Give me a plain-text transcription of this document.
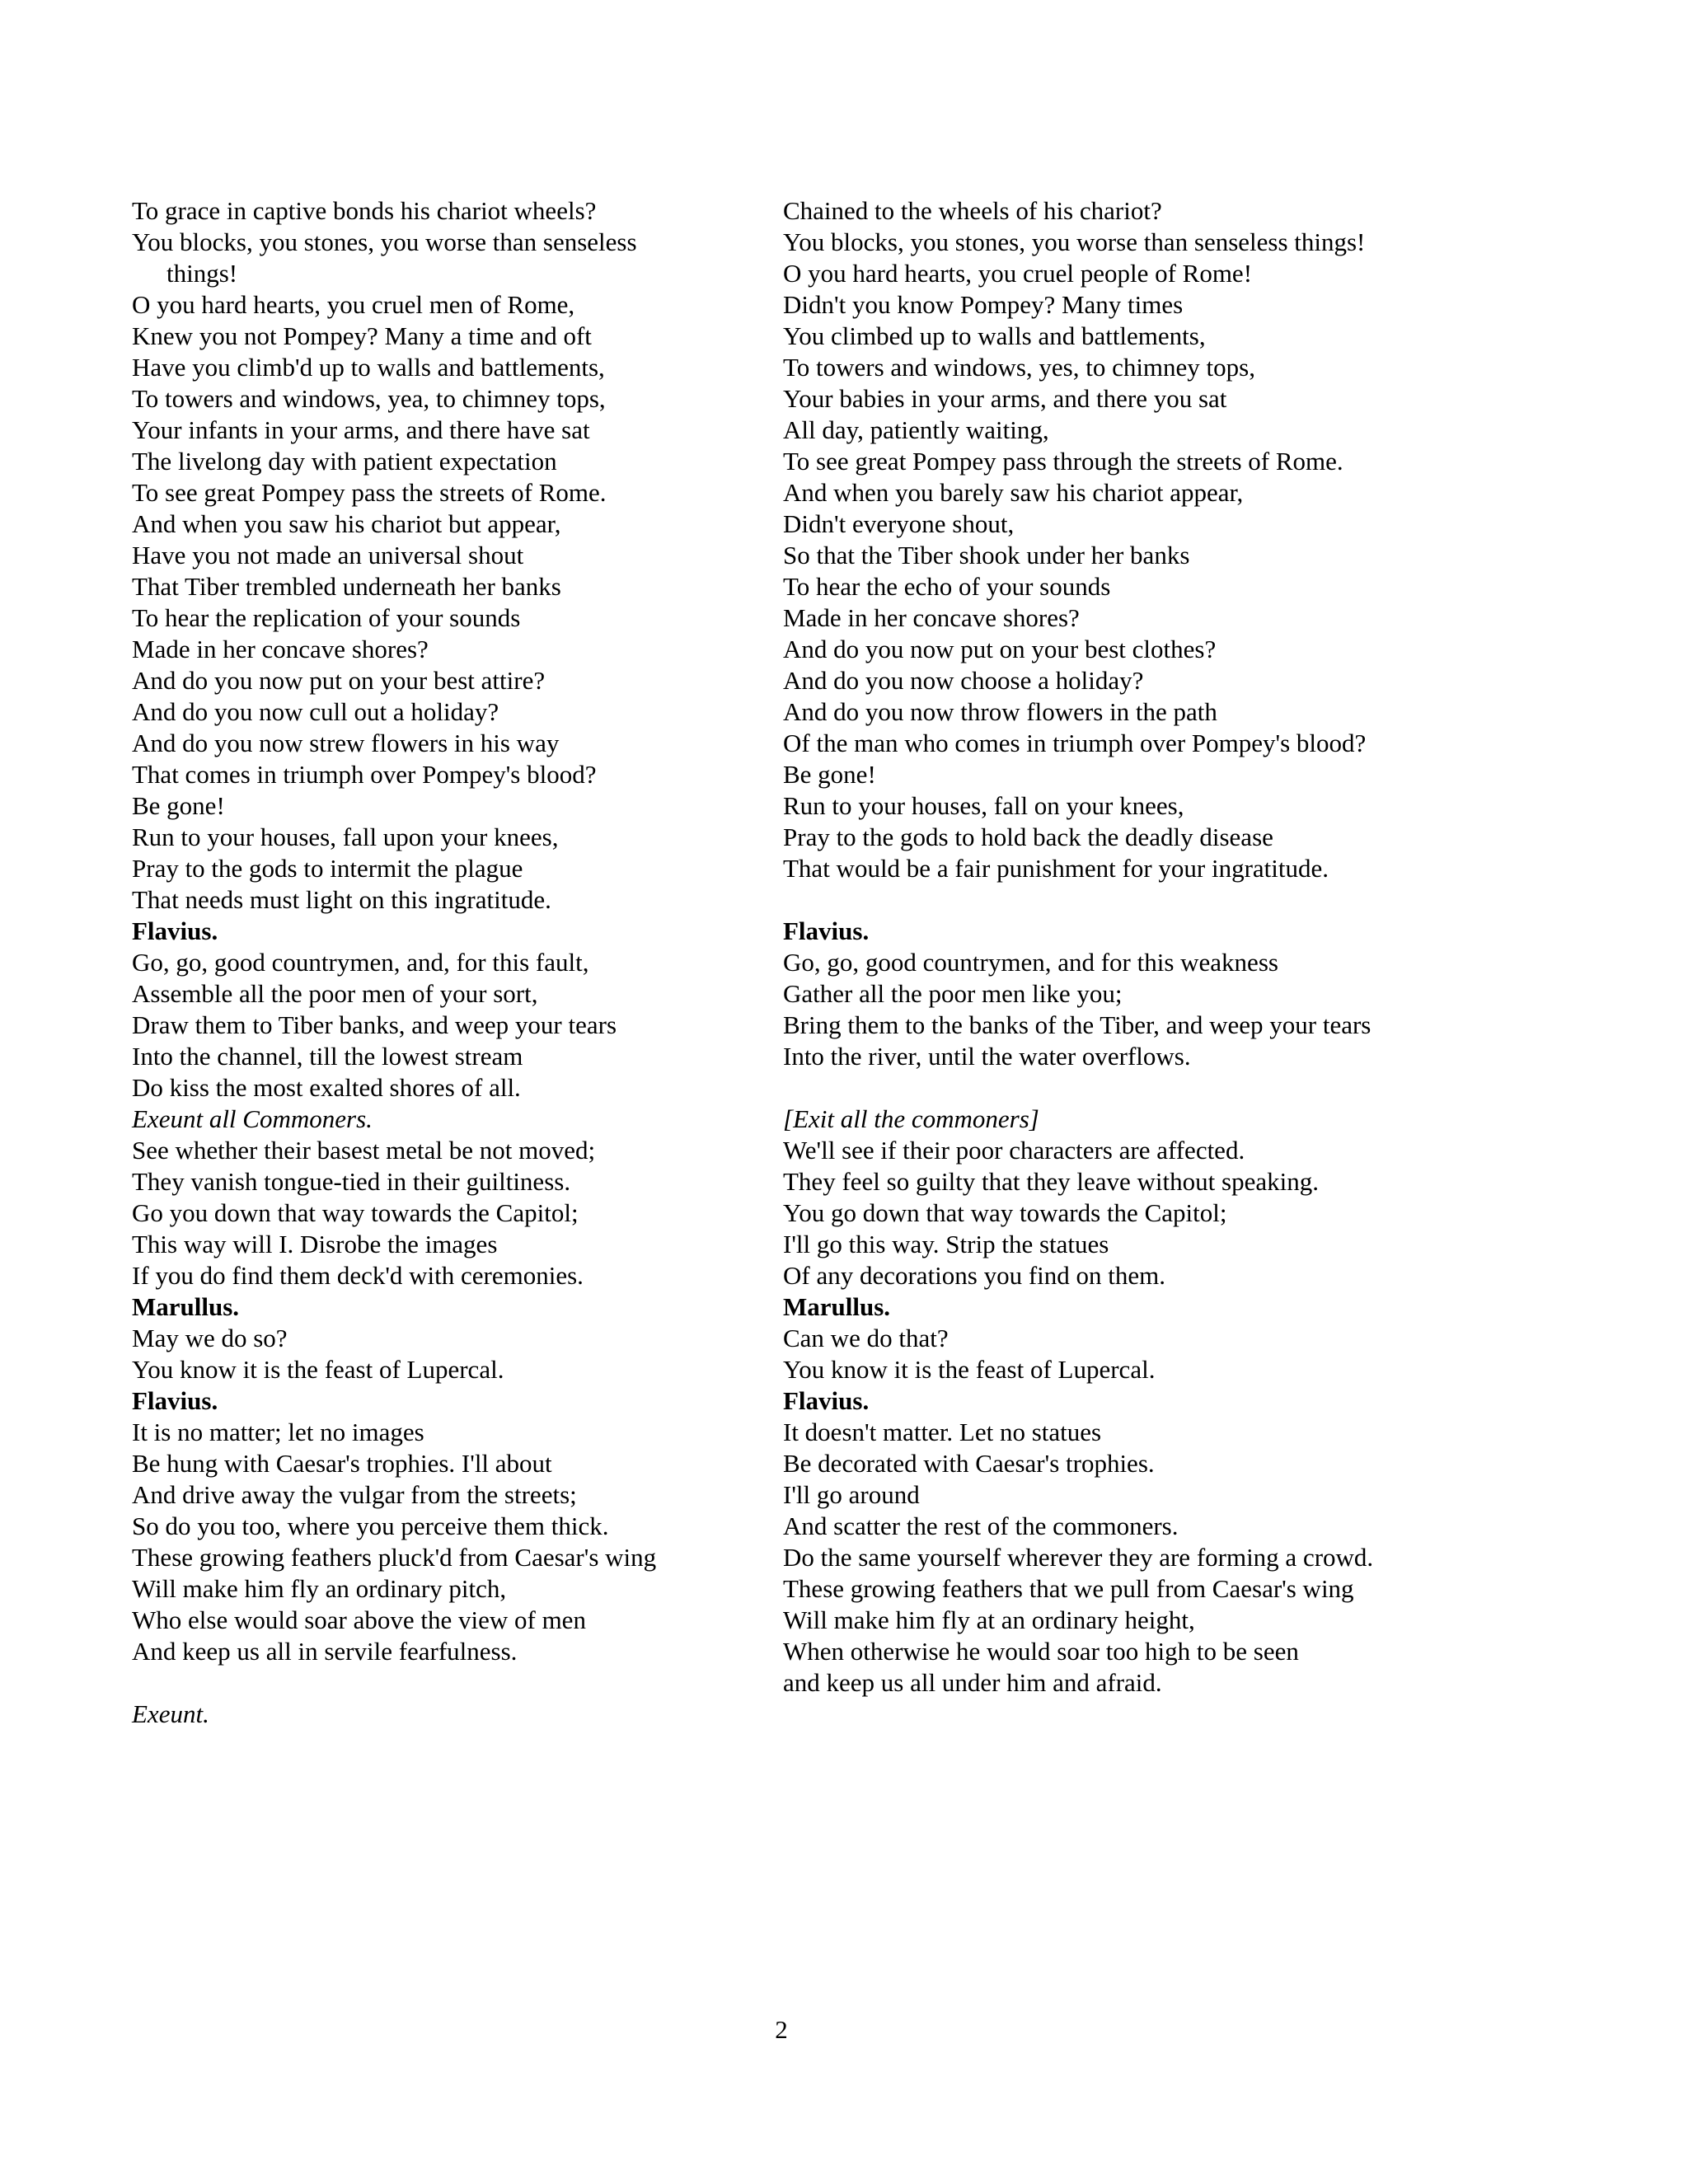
To grace in captive bonds his chariot wheels?
You blocks, you stones, you worse than senseless things!
O you hard hearts, you cruel men of Rome,
Knew you not Pompey? Many a time and oft
Have you climb'd up to walls and battlements,
To towers and windows, yea, to chimney tops,
Your infants in your arms, and there have sat
The livelong day with patient expectation
To see great Pompey pass the streets of Rome.
And when you saw his chariot but appear,
Have you not made an universal shout
That Tiber trembled underneath her banks
To hear the replication of your sounds
Made in her concave shores?
And do you now put on your best attire?
And do you now cull out a holiday?
And do you now strew flowers in his way
That comes in triumph over Pompey's blood?
Be gone!
Run to your houses, fall upon your knees,
Pray to the gods to intermit the plague
That needs must light on this ingratitude.
Flavius.
Go, go, good countrymen, and, for this fault,
Assemble all the poor men of your sort,
Draw them to Tiber banks, and weep your tears
Into the channel, till the lowest stream
Do kiss the most exalted shores of all.
Exeunt all Commoners.
See whether their basest metal be not moved;
They vanish tongue-tied in their guiltiness.
Go you down that way towards the Capitol;
This way will I. Disrobe the images
If you do find them deck'd with ceremonies.
Marullus.
May we do so?
You know it is the feast of Lupercal.
Flavius.
It is no matter; let no images
Be hung with Caesar's trophies. I'll about
And drive away the vulgar from the streets;
So do you too, where you perceive them thick.
These growing feathers pluck'd from Caesar's wing
Will make him fly an ordinary pitch,
Who else would soar above the view of men
And keep us all in servile fearfulness.
Exeunt.
Chained to the wheels of his chariot?
You blocks, you stones, you worse than senseless things!
O you hard hearts, you cruel people of Rome!
Didn't you know Pompey? Many times
You climbed up to walls and battlements,
To towers and windows, yes, to chimney tops,
Your babies in your arms, and there you sat
All day, patiently waiting,
To see great Pompey pass through the streets of Rome.
And when you barely saw his chariot appear,
Didn't everyone shout,
So that the Tiber shook under her banks
To hear the echo of your sounds
Made in her concave shores?
And do you now put on your best clothes?
And do you now choose a holiday?
And do you now throw flowers in the path
Of the man who comes in triumph over Pompey's blood?
Be gone!
Run to your houses, fall on your knees,
Pray to the gods to hold back the deadly disease
That would be a fair punishment for your ingratitude.
Flavius.
Go, go, good countrymen, and for this weakness
Gather all the poor men like you;
Bring them to the banks of the Tiber, and weep your tears
Into the river, until the water overflows.
[Exit all the commoners]
We'll see if their poor characters are affected.
They feel so guilty that they leave without speaking.
You go down that way towards the Capitol;
I'll go this way. Strip the statues
Of any decorations you find on them.
Marullus.
Can we do that?
You know it is the feast of Lupercal.
Flavius.
It doesn't matter. Let no statues
Be decorated with Caesar's trophies.
I'll go around
And scatter the rest of the commoners.
Do the same yourself wherever they are forming a crowd.
These growing feathers that we pull from Caesar's wing
Will make him fly at an ordinary height,
When otherwise he would soar too high to be seen
and keep us all under him and afraid.
2
